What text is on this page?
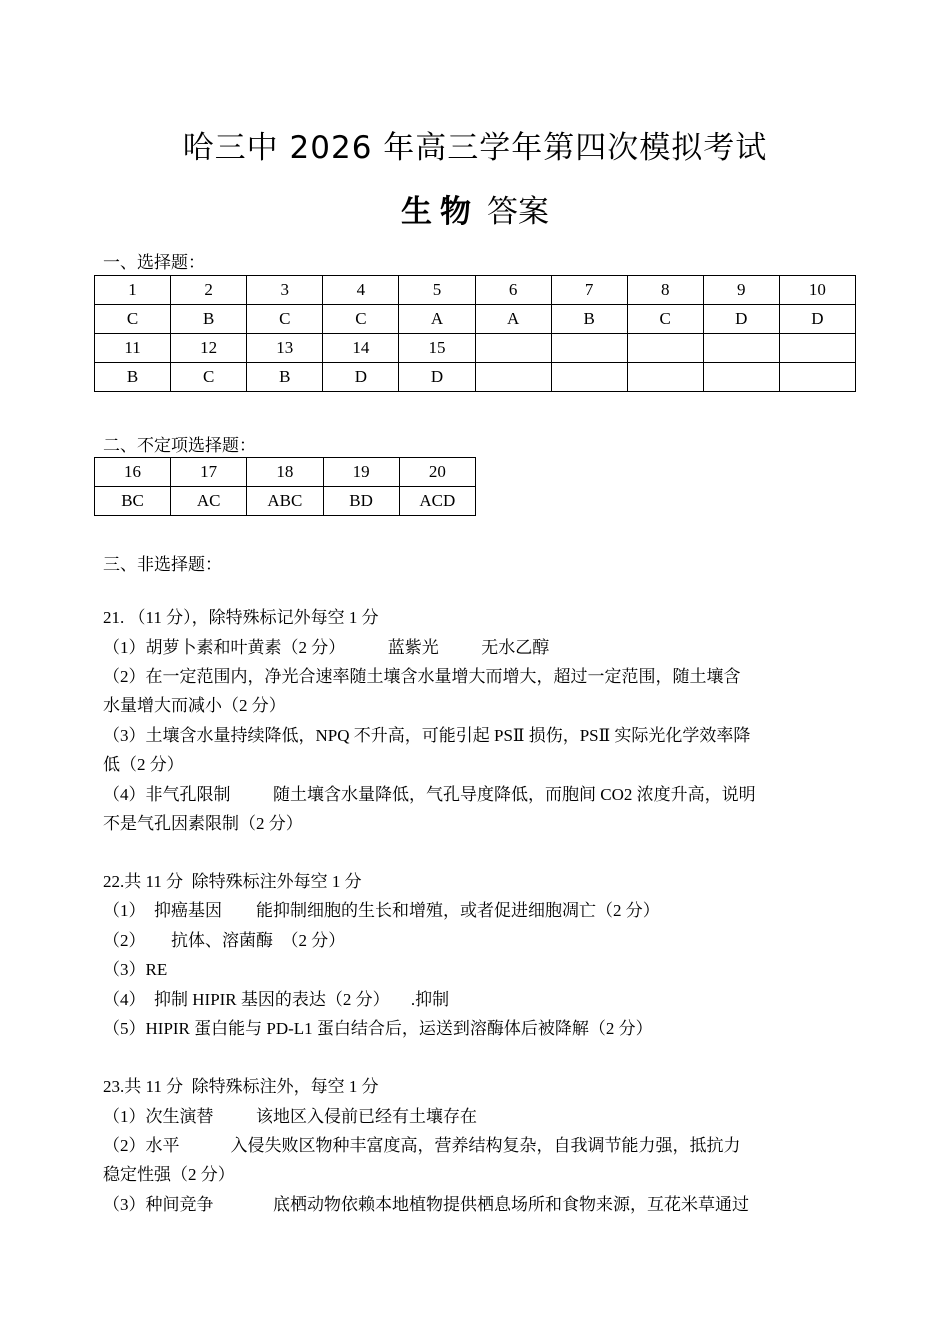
哈三中 2026 年高三学年第四次模拟考试
生物 答案
一、选择题：
1	2	3	4	5	6	7	8	9	10
C	B	C	C	A	A	B	C	D	D
11	12	13	14	15					
B	C	B	D	D					
二、不定项选择题：
16	17	18	19	20
BC	AC	ABC	BD	ACD
三、非选择题：
21. （11 分），除特殊标记外每空 1 分
（1）胡萝卜素和叶黄素（2 分）          蓝紫光          无水乙醇
（2）在一定范围内，净光合速率随土壤含水量增大而增大，超过一定范围，随土壤含
水量增大而减小（2 分）
（3）土壤含水量持续降低，NPQ 不升高，可能引起 PSⅡ 损伤，PSⅡ 实际光化学效率降
低（2 分）
（4）非气孔限制          随土壤含水量降低，气孔导度降低，而胞间 CO2 浓度升高，说明
不是气孔因素限制（2 分）
22.共 11 分  除特殊标注外每空 1 分
（1）  抑癌基因        能抑制细胞的生长和增殖，或者促进细胞凋亡（2 分）
（2）      抗体、溶菌酶  （2 分）
（3）RE
（4）  抑制 HIPIR 基因的表达（2 分）     .抑制
（5）HIPIR 蛋白能与 PD-L1 蛋白结合后，运送到溶酶体后被降解（2 分）
23.共 11 分  除特殊标注外，每空 1 分
（1）次生演替          该地区入侵前已经有土壤存在
（2）水平            入侵失败区物种丰富度高，营养结构复杂，自我调节能力强，抵抗力
稳定性强（2 分）
（3）种间竞争              底栖动物依赖本地植物提供栖息场所和食物来源，互花米草通过
